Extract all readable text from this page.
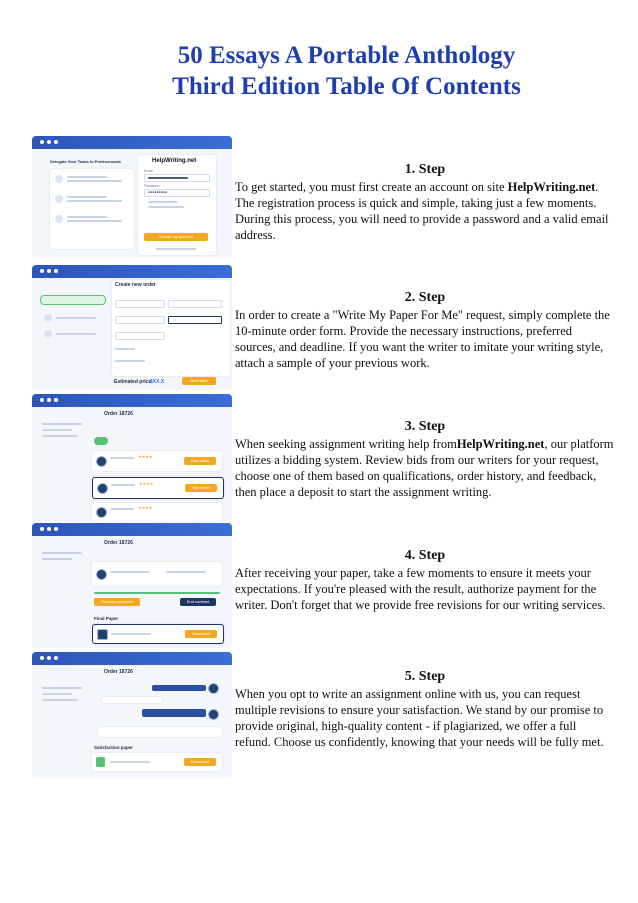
50 Essays A Portable Anthology
Third Edition Table Of Contents
Delegate Your Tasks to Professionals	HelpWriting.net
Email
Password
●●●●●●●●●
Create my account
Create new order
Estimated price
$XX.X	Next step
Order 18726
★★★★
Hire writer
★★★★
Hire writer
★★★★
Order 18726
Release payment	End contract
Final Paper
Download
Order 18726
Satisfaction paper
Download
1. Step

To get started, you must first create an account on site HelpWriting.net. The registration process is quick and simple, taking just a few moments. During this process, you will need to provide a password and a valid email address.

2. Step

In order to create a "Write My Paper For Me" request, simply complete the 10-minute order form. Provide the necessary instructions, preferred sources, and deadline. If you want the writer to imitate your writing style, attach a sample of your previous work.

3. Step

When seeking assignment writing help fromHelpWriting.net, our platform utilizes a bidding system. Review bids from our writers for your request, choose one of them based on qualifications, order history, and feedback, then place a deposit to start the assignment writing.

4. Step

After receiving your paper, take a few moments to ensure it meets your expectations. If you're pleased with the result, authorize payment for the writer. Don't forget that we provide free revisions for our writing services.

5. Step

When you opt to write an assignment online with us, you can request multiple revisions to ensure your satisfaction. We stand by our promise to provide original, high-quality content - if plagiarized, we offer a full refund. Choose us confidently, knowing that your needs will be fully met.
